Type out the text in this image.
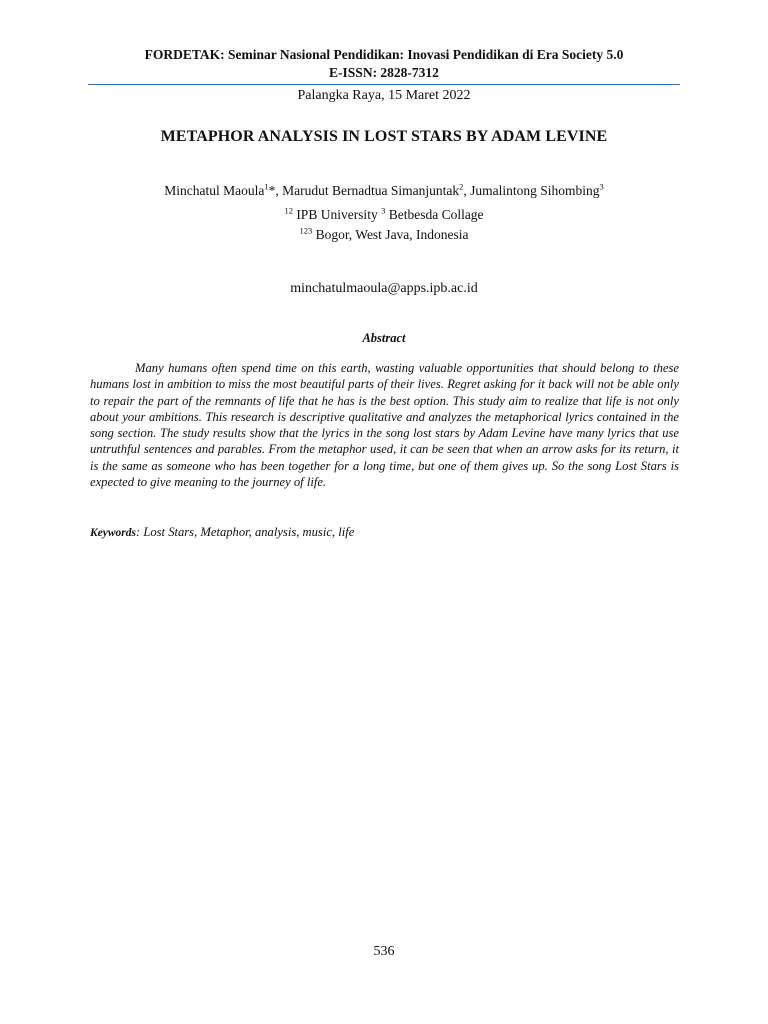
FORDETAK: Seminar Nasional Pendidikan: Inovasi Pendidikan di Era Society 5.0
E-ISSN: 2828-7312
Palangka Raya, 15 Maret 2022
METAPHOR ANALYSIS IN LOST STARS BY ADAM LEVINE
Minchatul Maoula$^1$*, Marudut Bernadtua Simanjuntak$^2$, Jumalintong Sihombing$^3$
$^{12}$ IPB University $^3$ Betbesda Collage
$^{123}$ Bogor, West Java, Indonesia
minchatulmaoula@apps.ipb.ac.id
Abstract

Many humans often spend time on this earth, wasting valuable opportunities that should belong to these humans lost in ambition to miss the most beautiful parts of their lives. Regret asking for it back will not be able only to repair the part of the remnants of life that he has is the best option. This study aim to realize that life is not only about your ambitions. This research is descriptive qualitative and analyzes the metaphorical lyrics contained in the song section. The study results show that the lyrics in the song lost stars by Adam Levine have many lyrics that use untruthful sentences and parables. From the metaphor used, it can be seen that when an arrow asks for its return, it is the same as someone who has been together for a long time, but one of them gives up. So the song Lost Stars is expected to give meaning to the journey of life.

Keywords: Lost Stars, Metaphor, analysis, music, life
536
